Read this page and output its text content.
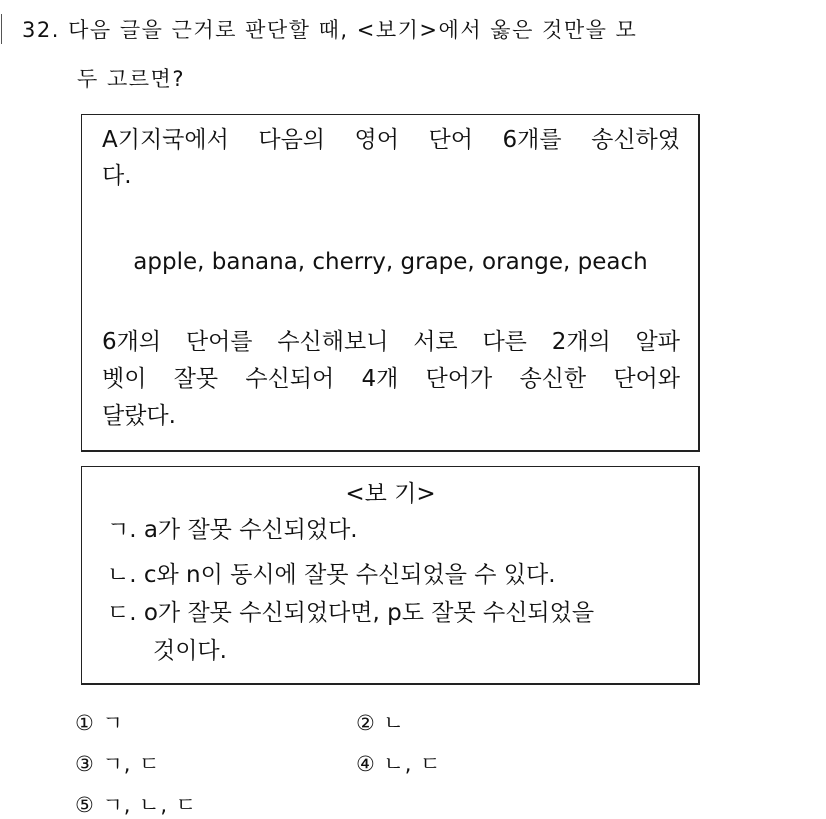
32. 다음 글을 근거로 판단할 때, <보기>에서 옳은 것만을 모
두 고르면?
A기지국에서 다음의 영어 단어 6개를 송신하였
다.
apple, banana, cherry, grape, orange, peach
6개의 단어를 수신해보니 서로 다른 2개의 알파
벳이 잘못 수신되어 4개 단어가 송신한 단어와
달랐다.
<보 기>
ㄱ. a가 잘못 수신되었다.
ㄴ. c와 n이 동시에 잘못 수신되었을 수 있다.
ㄷ. o가 잘못 수신되었다면, p도 잘못 수신되었을
것이다.
① ㄱ	② ㄴ
③ ㄱ, ㄷ	④ ㄴ, ㄷ
⑤ ㄱ, ㄴ, ㄷ
